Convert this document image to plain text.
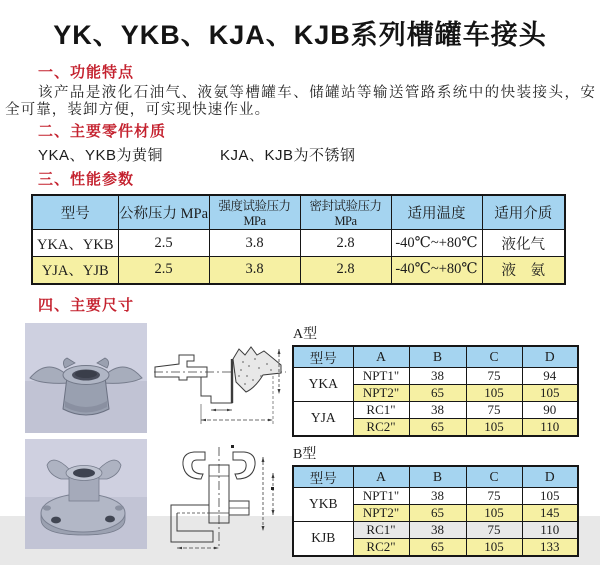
YK、YKB、KJA、KJB系列槽罐车接头
一、功能特点

该产品是液化石油气、液氨等槽罐车、储罐站等输送管路系统中的快装接头，安全可靠，装卸方便，可实现快速作业。

二、主要零件材质
YKA、YKB为黄铜	KJA、KJB为不锈钢
三、性能参数
型号	公称压力 MPa	强度试验压力MPa	密封试验压力MPa	适用温度	适用介质
YKA、YKB	2.5	3.8	2.8	-40℃~+80℃	液化气
YJA、YJB	2.5	3.8	2.8	-40℃~+80℃	液　氨
四、主要尺寸
A型
型号	A	B	C	D
YKA	NPT1"	38	75	94
	NPT2"	65	105	105
YJA	RC1"	38	75	90
	RC2"	65	105	110
B型
型号	A	B	C	D
YKB	NPT1"	38	75	105
	NPT2"	65	105	145
KJB	RC1"	38	75	110
	RC2"	65	105	133
